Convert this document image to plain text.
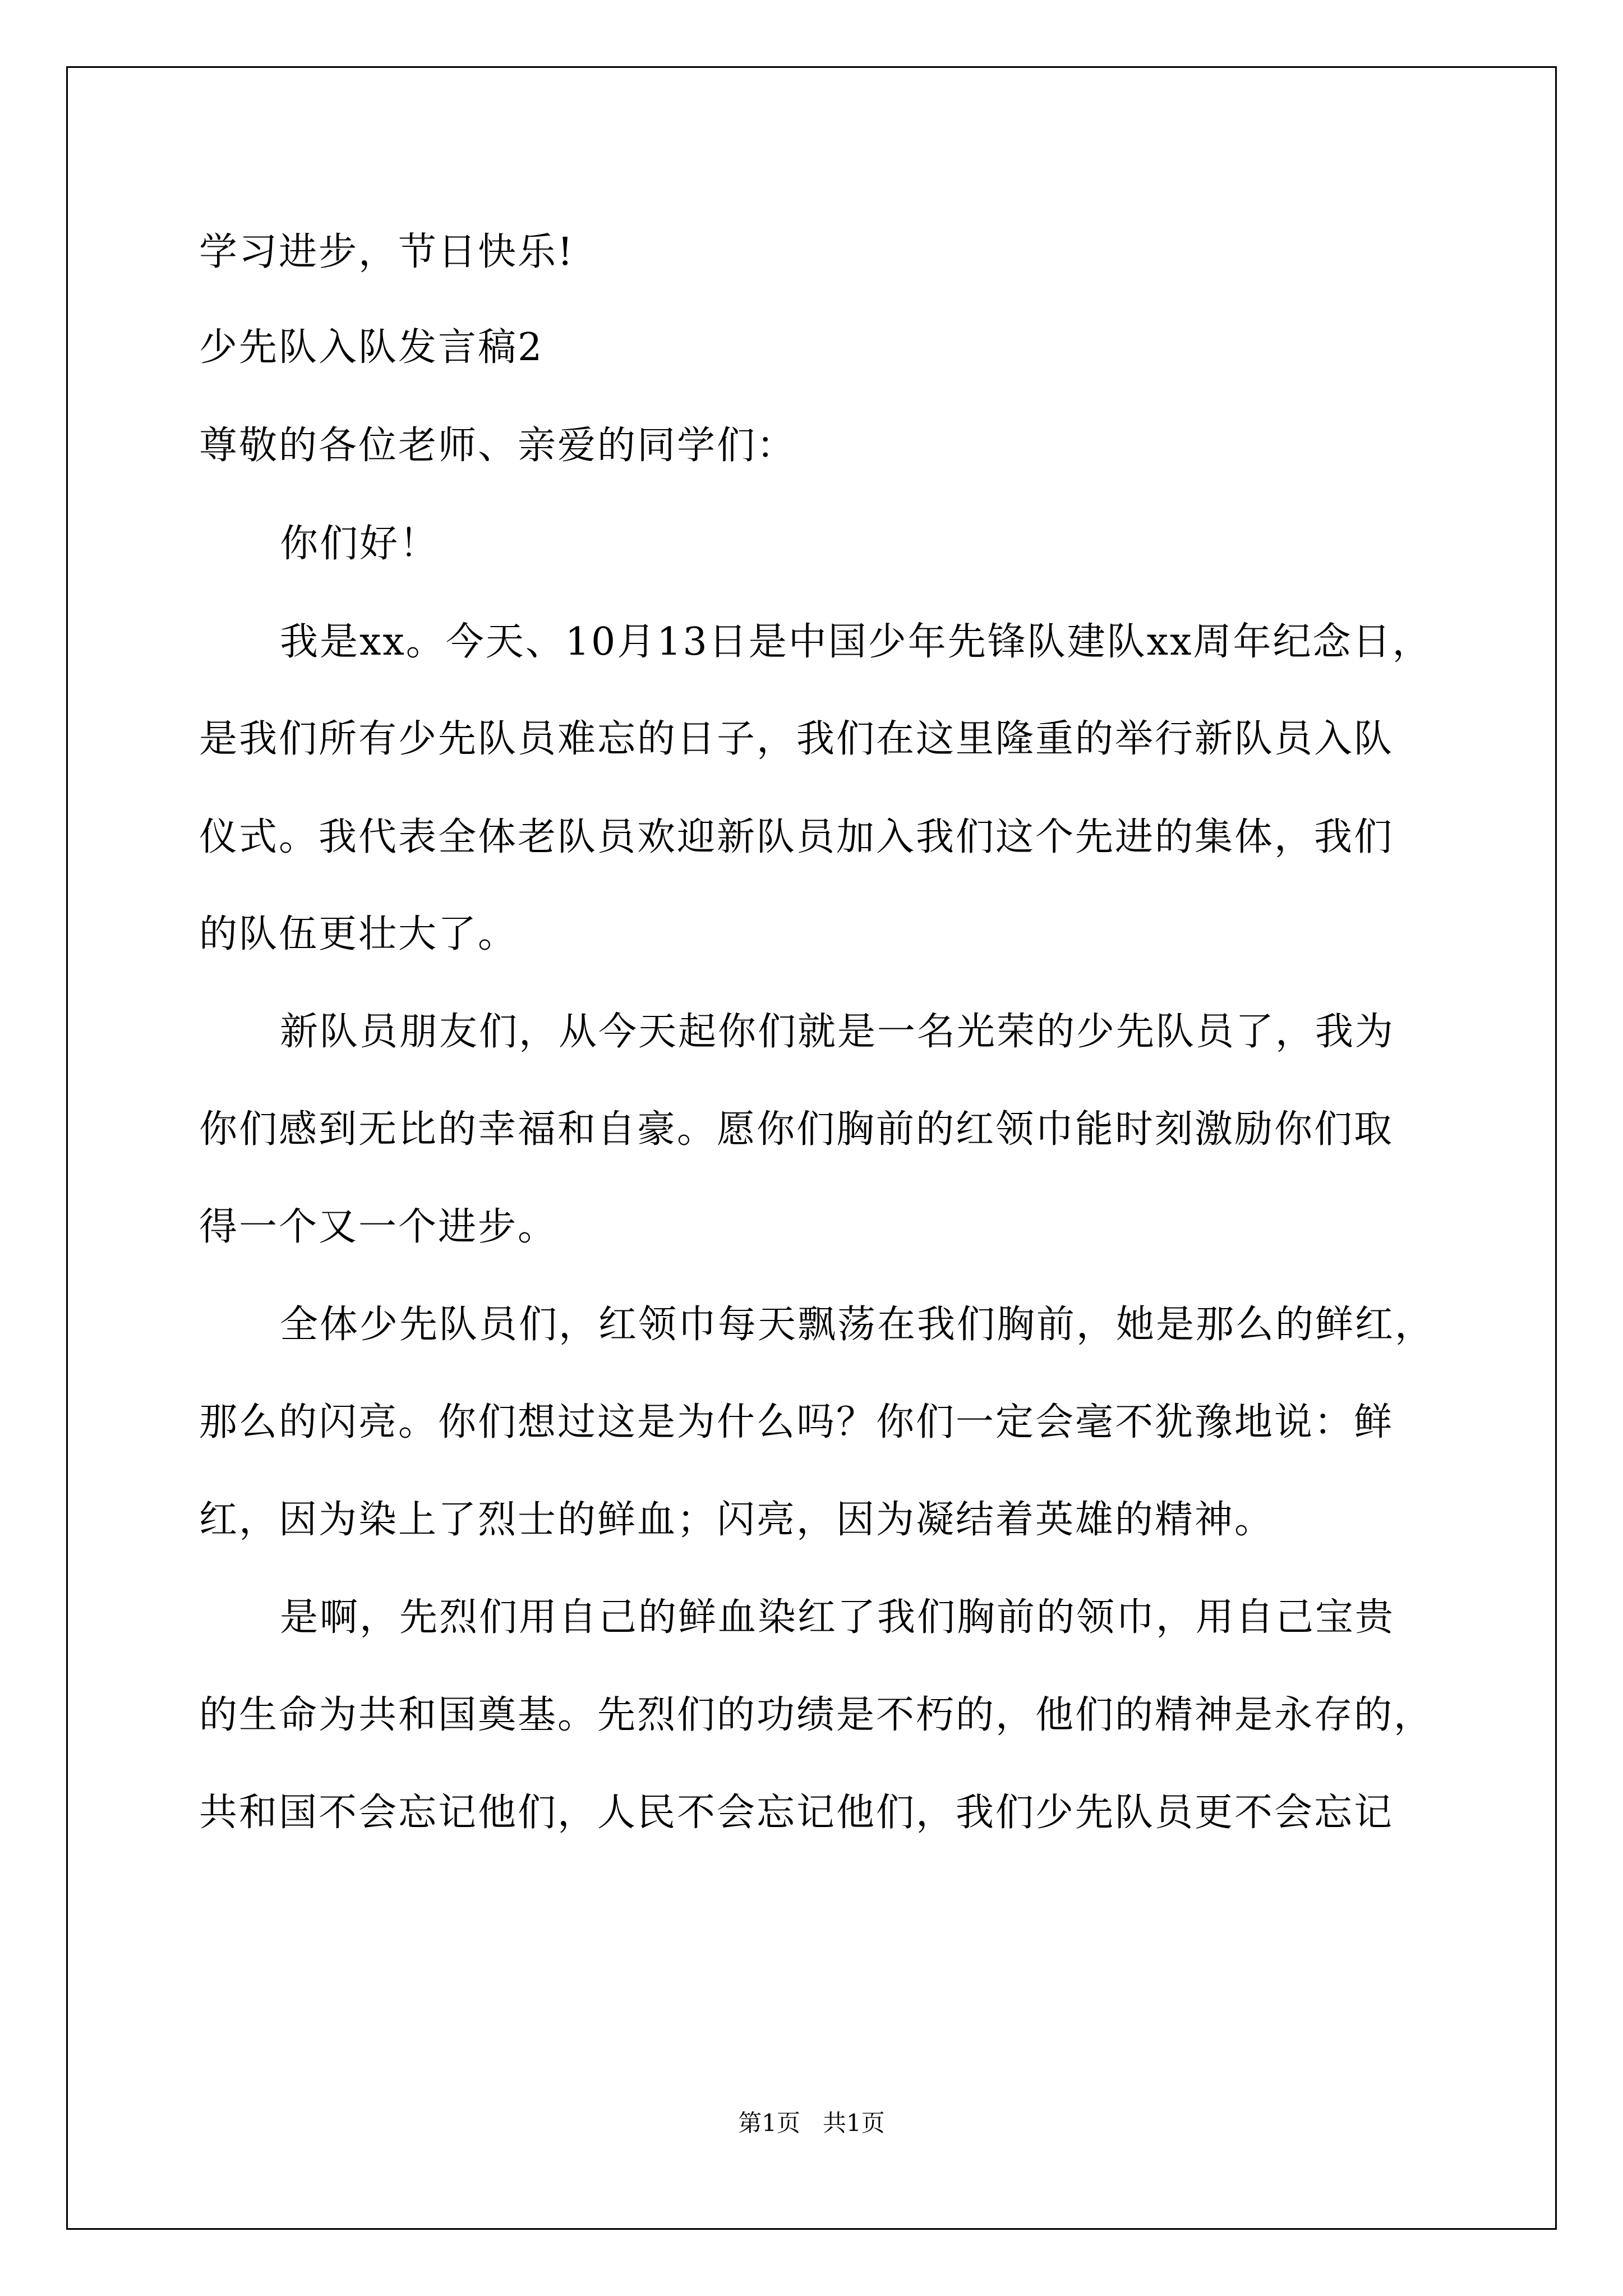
学习进步，节日快乐!
少先队入队发言稿2
尊敬的各位老师、亲爱的同学们：
你们好！
我是xx。今天、10月13日是中国少年先锋队建队xx周年纪念日，
是我们所有少先队员难忘的日子，我们在这里隆重的举行新队员入队
仪式。我代表全体老队员欢迎新队员加入我们这个先进的集体，我们
的队伍更壮大了。
新队员朋友们，从今天起你们就是一名光荣的少先队员了，我为
你们感到无比的幸福和自豪。愿你们胸前的红领巾能时刻激励你们取
得一个又一个进步。
全体少先队员们，红领巾每天飘荡在我们胸前，她是那么的鲜红，
那么的闪亮。你们想过这是为什么吗？你们一定会毫不犹豫地说：鲜
红，因为染上了烈士的鲜血；闪亮，因为凝结着英雄的精神。
是啊，先烈们用自己的鲜血染红了我们胸前的领巾，用自己宝贵
的生命为共和国奠基。先烈们的功绩是不朽的，他们的精神是永存的，
共和国不会忘记他们，人民不会忘记他们，我们少先队员更不会忘记
第1页 共1页
